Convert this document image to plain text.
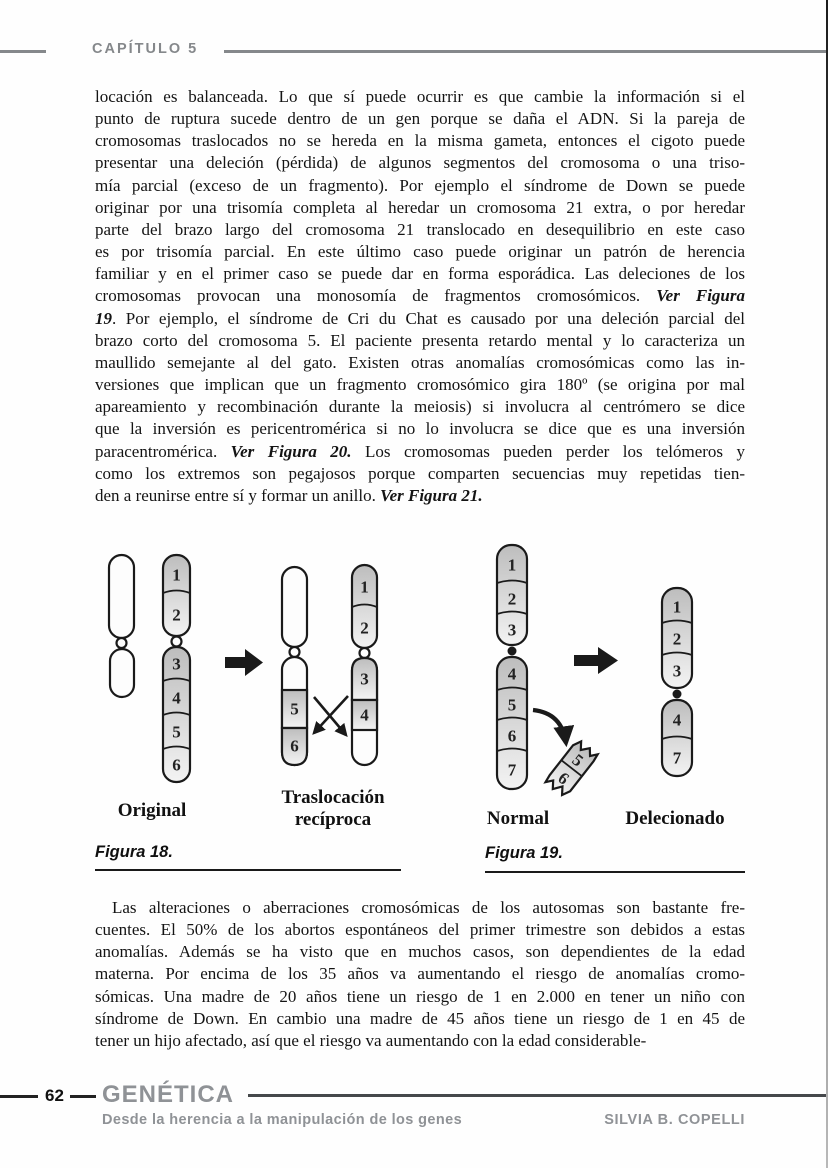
CAPÍTULO 5
locación es balanceada. Lo que sí puede ocurrir es que cambie la información si el
punto de ruptura sucede dentro de un gen porque se daña el ADN. Si la pareja de
cromosomas traslocados no se hereda en la misma gameta, entonces el cigoto puede
presentar una deleción (pérdida) de algunos segmentos del cromosoma o una triso-
mía parcial (exceso de un fragmento). Por ejemplo el síndrome de Down se puede
originar por una trisomía completa al heredar un cromosoma 21 extra, o por heredar
parte del brazo largo del cromosoma 21 translocado en desequilibrio en este caso
es por trisomía parcial. En este último caso puede originar un patrón de herencia
familiar y en el primer caso se puede dar en forma esporádica. Las deleciones de los
cromosomas provocan una monosomía de fragmentos cromosómicos. Ver Figura
19. Por ejemplo, el síndrome de Cri du Chat es causado por una deleción parcial del
brazo corto del cromosoma 5. El paciente presenta retardo mental y lo caracteriza un
maullido semejante al del gato. Existen otras anomalías cromosómicas como las in-
versiones que implican que un fragmento cromosómico gira 180º (se origina por mal
apareamiento y recombinación durante la meiosis) si involucra al centrómero se dice
que la inversión es pericentromérica si no lo involucra se dice que es una inversión
paracentromérica. Ver Figura 20. Los cromosomas pueden perder los telómeros y
como los extremos son pegajosos porque comparten secuencias muy repetidas tien-
den a reunirse entre sí y formar un anillo. Ver Figura 21.
1
2
3
4
5
6
5
6
1
2
3
4
Original
Traslocación
recíproca
Figura 18.
1
2
3
4
5
6
7	5
6
1
2
3
4
7
Normal	Delecionado
Figura 19.
 Las alteraciones o aberraciones cromosómicas de los autosomas son bastante fre-
cuentes. El 50% de los abortos espontáneos del primer trimestre son debidos a estas
anomalías. Además se ha visto que en muchos casos, son dependientes de la edad
materna. Por encima de los 35 años va aumentando el riesgo de anomalías cromo-
sómicas. Una madre de 20 años tiene un riesgo de 1 en 2.000 en tener un niño con
síndrome de Down. En cambio una madre de 45 años tiene un riesgo de 1 en 45 de
tener un hijo afectado, así que el riesgo va aumentando con la edad considerable-
62 GENÉTICA
Desde la herencia a la manipulación de los genes	SILVIA B. COPELLI
